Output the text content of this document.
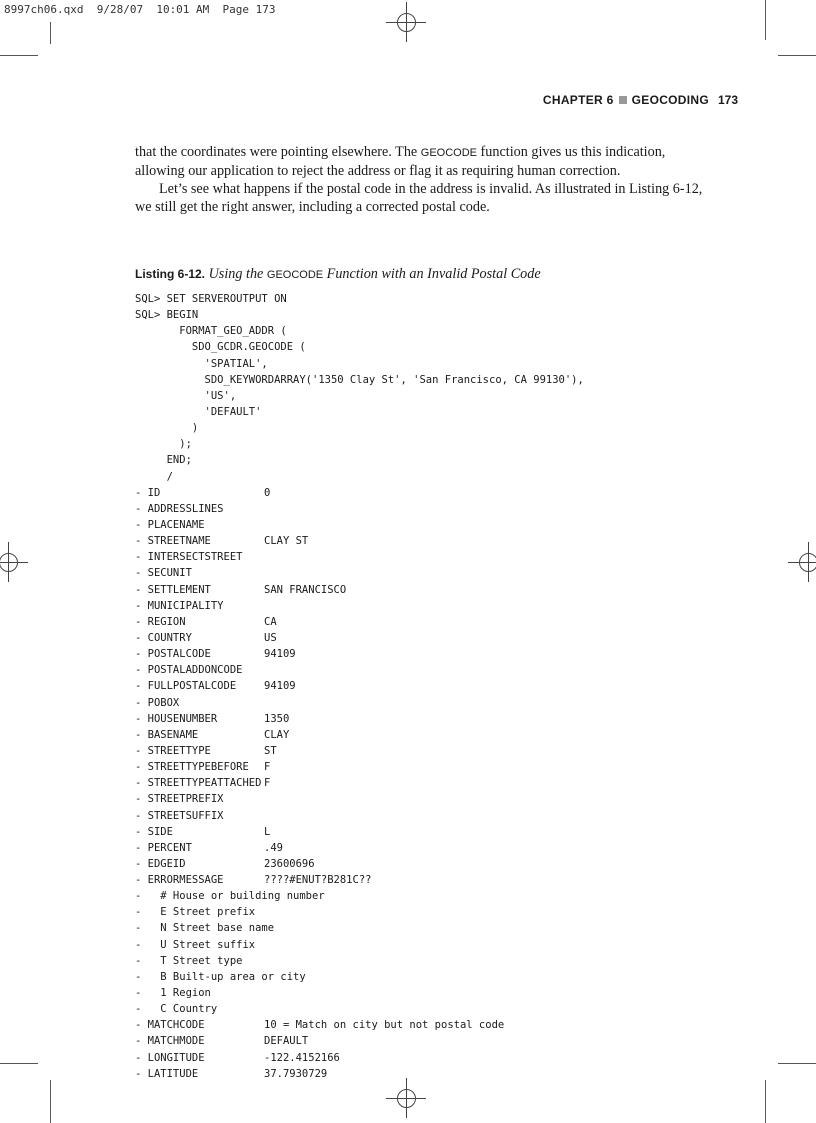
8997ch06.qxd  9/28/07  10:01 AM  Page 173
CHAPTER 6 GEOCODING 173

that the coordinates were pointing elsewhere. The GEOCODE function gives us this indication, allowing our application to reject the address or flag it as requiring human correction.

Let’s see what happens if the postal code in the address is invalid. As illustrated in Listing 6-12, we still get the right answer, including a corrected postal code.

Listing 6-12. Using the GEOCODE Function with an Invalid Postal Code
SQL> SET SERVEROUTPUT ON
SQL> BEGIN
FORMAT_GEO_ADDR (
SDO_GCDR.GEOCODE (
'SPATIAL',
SDO_KEYWORDARRAY('1350 Clay St', 'San Francisco, CA 99130'),
'US',
'DEFAULT'
)
);
END;
/
- ID	0
- ADDRESSLINES
- PLACENAME
- STREETNAME	CLAY ST
- INTERSECTSTREET
- SECUNIT
- SETTLEMENT	SAN FRANCISCO
- MUNICIPALITY
- REGION	CA
- COUNTRY	US
- POSTALCODE	94109
- POSTALADDONCODE
- FULLPOSTALCODE	94109
- POBOX
- HOUSENUMBER	1350
- BASENAME	CLAY
- STREETTYPE	ST
- STREETTYPEBEFORE F
- STREETTYPEATTACHED F
- STREETPREFIX
- STREETSUFFIX
- SIDE	L
- PERCENT	.49
- EDGEID	23600696
- ERRORMESSAGE	????#ENUT?B281C??
-   # House or building number
-   E Street prefix
-   N Street base name
-   U Street suffix
-   T Street type
-   B Built-up area or city
-   1 Region
-   C Country
- MATCHCODE	10 = Match on city but not postal code
- MATCHMODE	DEFAULT
- LONGITUDE	-122.4152166
- LATITUDE	37.7930729
